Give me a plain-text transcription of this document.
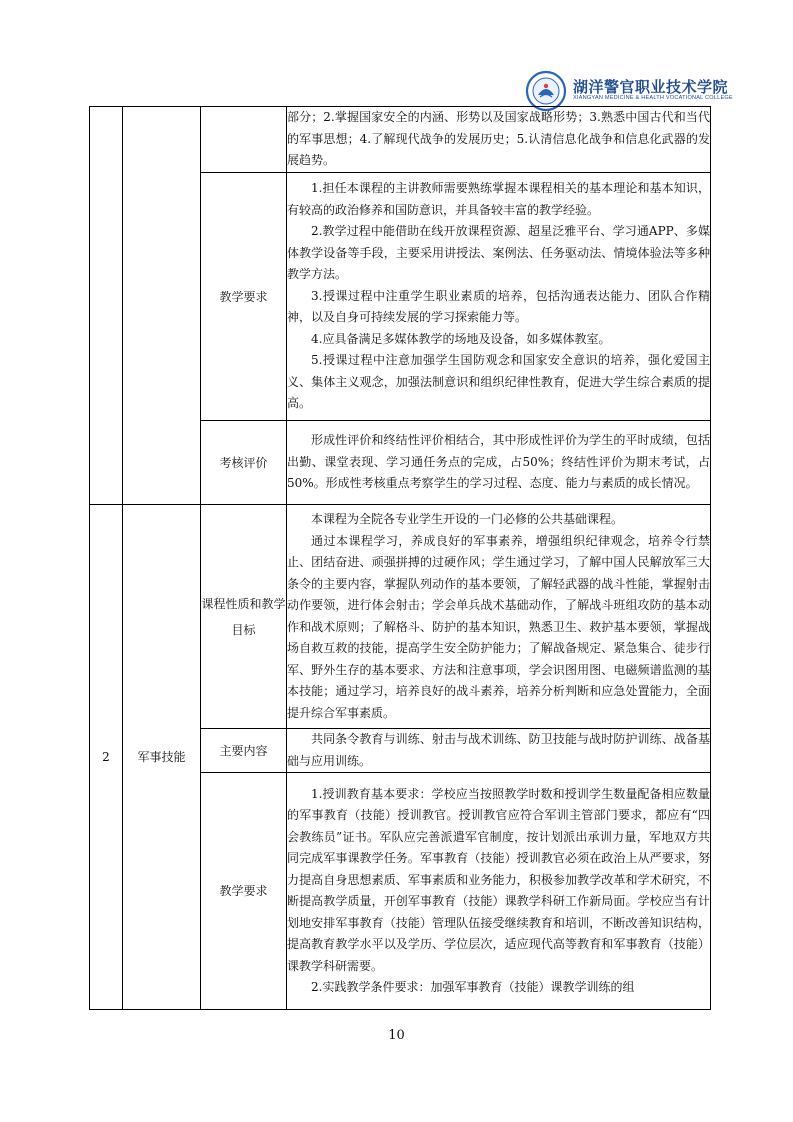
湖洋警官职业技术学院
XIANGYAN MEDICINE & HEALTH VOCATIONAL COLLEGE

			部分；2.掌握国家安全的内涵、形势以及国家战略形势；3.熟悉中国古代和当代的军事思想；4.了解现代战争的发展历史；5.认清信息化战争和信息化武器的发展趋势。

		教学要求	1.担任本课程的主讲教师需要熟练掌握本课程相关的基本理论和基本知识，有较高的政治修养和国防意识，并具备较丰富的教学经验。

2.教学过程中能借助在线开放课程资源、超星泛雅平台、学习通APP、多媒体教学设备等手段，主要采用讲授法、案例法、任务驱动法、情境体验法等多种教学方法。

3.授课过程中注重学生职业素质的培养，包括沟通表达能力、团队合作精神，以及自身可持续发展的学习探索能力等。

4.应具备满足多媒体教学的场地及设备，如多媒体教室。

5.授课过程中注意加强学生国防观念和国家安全意识的培养，强化爱国主义、集体主义观念，加强法制意识和组织纪律性教育，促进大学生综合素质的提高。

		考核评价	形成性评价和终结性评价相结合，其中形成性评价为学生的平时成绩，包括出勤、课堂表现、学习通任务点的完成，占50%；终结性评价为期末考试，占50%。形成性考核重点考察学生的学习过程、态度、能力与素质的成长情况。

2	军事技能	课程性质和教学目标	本课程为全院各专业学生开设的一门必修的公共基础课程。

通过本课程学习，养成良好的军事素养，增强组织纪律观念，培养令行禁止、团结奋进、顽强拼搏的过硬作风；学生通过学习，了解中国人民解放军三大条令的主要内容，掌握队列动作的基本要领，了解轻武器的战斗性能，掌握射击动作要领，进行体会射击；学会单兵战术基础动作，了解战斗班组攻防的基本动作和战术原则；了解格斗、防护的基本知识，熟悉卫生、救护基本要领，掌握战场自救互救的技能，提高学生安全防护能力；了解战备规定、紧急集合、徒步行军、野外生存的基本要求、方法和注意事项，学会识图用图、电磁频谱监测的基本技能；通过学习，培养良好的战斗素养，培养分析判断和应急处置能力，全面提升综合军事素质。

		主要内容	共同条令教育与训练、射击与战术训练、防卫技能与战时防护训练、战备基础与应用训练。

		教学要求	1.授训教育基本要求：学校应当按照教学时数和授训学生数量配备相应数量的军事教育（技能）授训教官。授训教官应符合军训主管部门要求，都应有“四会教练员”证书。军队应完善派遣军官制度，按计划派出承训力量，军地双方共同完成军事课教学任务。军事教育（技能）授训教官必须在政治上从严要求，努力提高自身思想素质、军事素质和业务能力，积极参加教学改革和学术研究，不断提高教学质量，开创军事教育（技能）课教学科研工作新局面。学校应当有计划地安排军事教育（技能）管理队伍接受继续教育和培训，不断改善知识结构，提高教育教学水平以及学历、学位层次，适应现代高等教育和军事教育（技能）课教学科研需要。

2.实践教学条件要求：加强军事教育（技能）课教学训练的组

10
